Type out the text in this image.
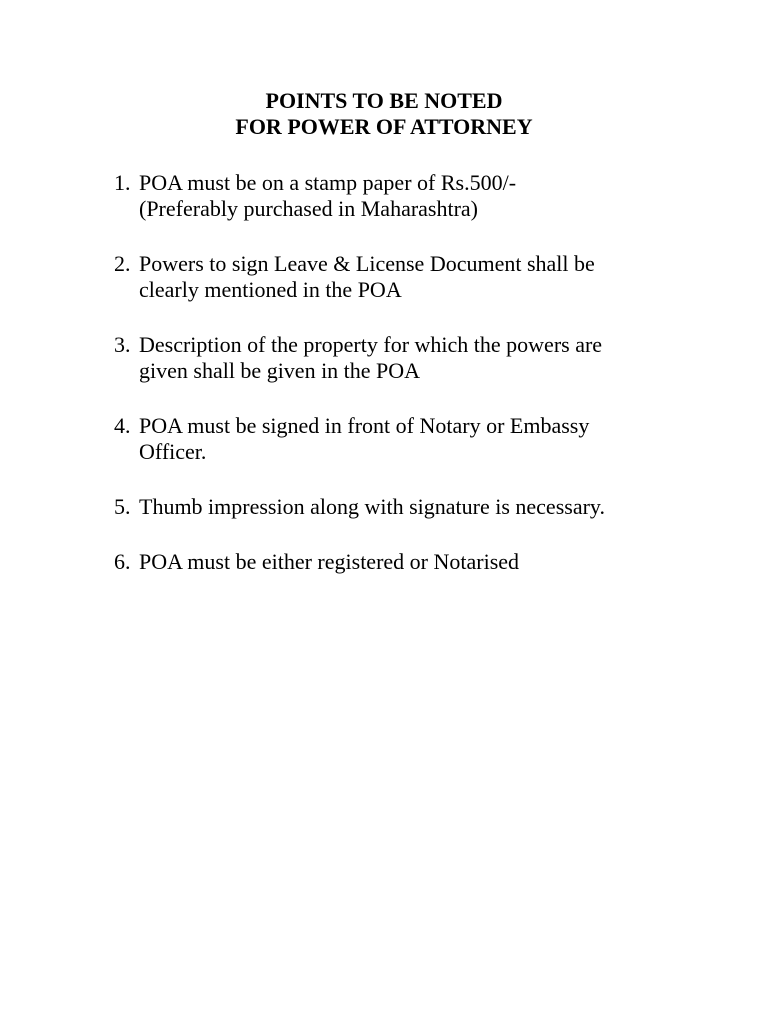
POINTS TO BE NOTED
FOR POWER OF ATTORNEY
1. POA must be on a stamp paper of Rs.500/-
(Preferably purchased in Maharashtra)
2. Powers to sign Leave & License Document shall be
clearly mentioned in the POA
3. Description of the property for which the powers are
given shall be given in the POA
4. POA must be signed in front of Notary or Embassy
Officer.
5. Thumb impression along with signature is necessary.
6. POA must be either registered or Notarised
